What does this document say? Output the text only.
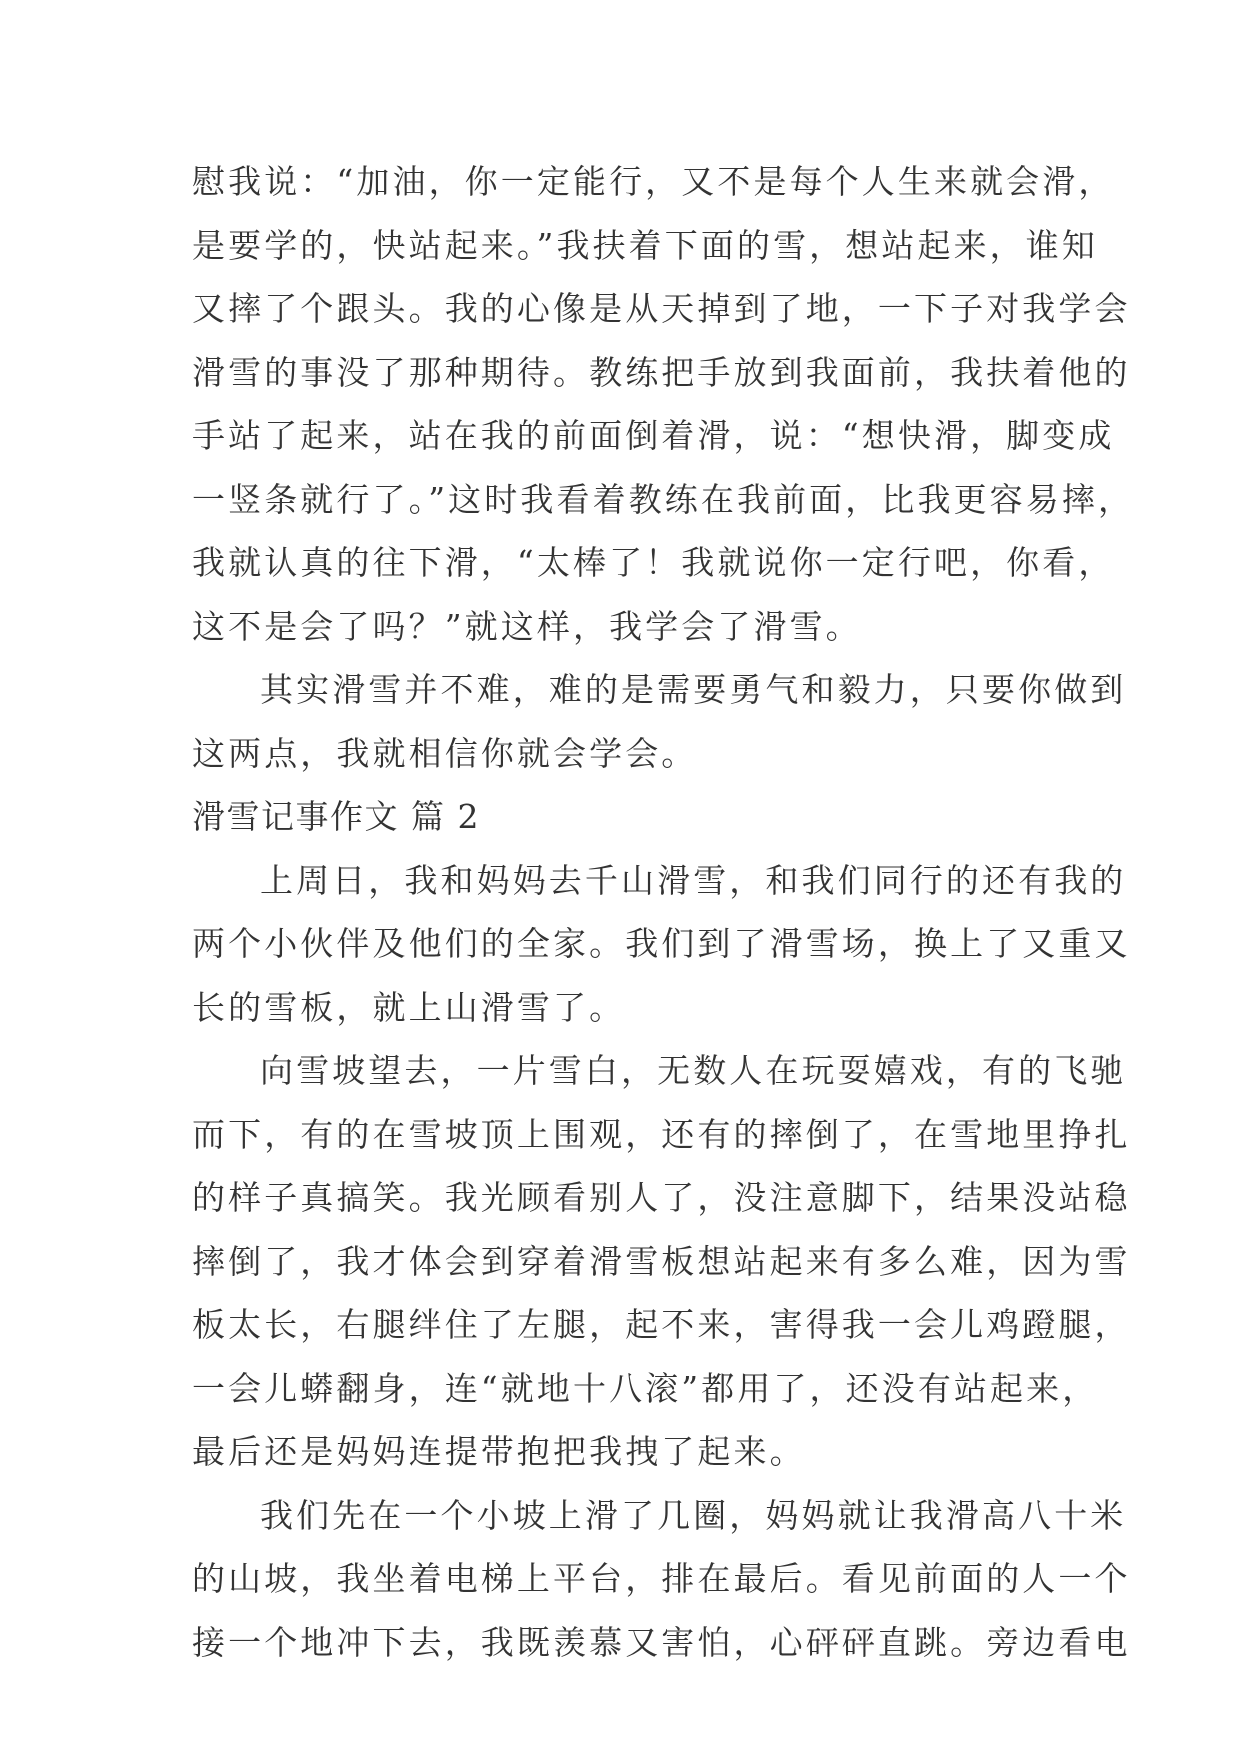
慰我说：“加油，你一定能行，又不是每个人生来就会滑，
是要学的，快站起来。”我扶着下面的雪，想站起来，谁知
又摔了个跟头。我的心像是从天掉到了地，一下子对我学会
滑雪的事没了那种期待。教练把手放到我面前，我扶着他的
手站了起来，站在我的前面倒着滑，说：“想快滑，脚变成
一竖条就行了。”这时我看着教练在我前面，比我更容易摔，
我就认真的往下滑，“太棒了！我就说你一定行吧，你看，
这不是会了吗？”就这样，我学会了滑雪。
其实滑雪并不难，难的是需要勇气和毅力，只要你做到
这两点，我就相信你就会学会。
滑雪记事作文 篇 2
上周日，我和妈妈去千山滑雪，和我们同行的还有我的
两个小伙伴及他们的全家。我们到了滑雪场，换上了又重又
长的雪板，就上山滑雪了。
向雪坡望去，一片雪白，无数人在玩耍嬉戏，有的飞驰
而下，有的在雪坡顶上围观，还有的摔倒了，在雪地里挣扎
的样子真搞笑。我光顾看别人了，没注意脚下，结果没站稳
摔倒了，我才体会到穿着滑雪板想站起来有多么难，因为雪
板太长，右腿绊住了左腿，起不来，害得我一会儿鸡蹬腿，
一会儿蟒翻身，连“就地十八滚”都用了，还没有站起来，
最后还是妈妈连提带抱把我拽了起来。
我们先在一个小坡上滑了几圈，妈妈就让我滑高八十米
的山坡，我坐着电梯上平台，排在最后。看见前面的人一个
接一个地冲下去，我既羡慕又害怕，心砰砰直跳。旁边看电
